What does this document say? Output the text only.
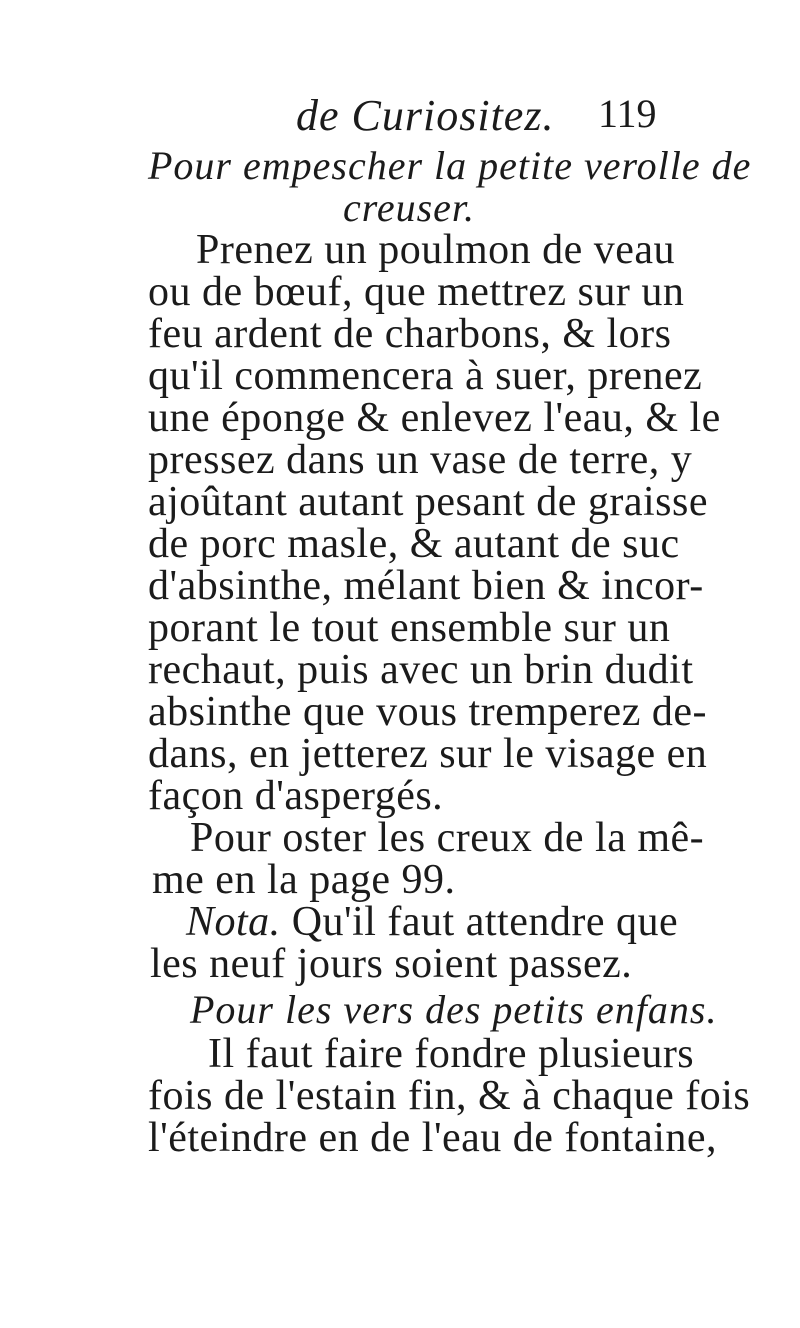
de Curiositez. 119
Pour empescher la petite verolle de
creuser.
Prenez un poulmon de veau
ou de bœuf, que mettrez sur un
feu ardent de charbons, & lors
qu'il commencera à suer, prenez
une éponge & enlevez l'eau, & le
pressez dans un vase de terre, y
ajoûtant autant pesant de graisse
de porc masle, & autant de suc
d'absinthe, mélant bien & incor-
porant le tout ensemble sur un
rechaut, puis avec un brin dudit
absinthe que vous tremperez de-
dans, en jetterez sur le visage en
façon d'aspergés.
Pour oster les creux de la mê-
me en la page 99.
Nota. Qu'il faut attendre que
les neuf jours soient passez.
Pour les vers des petits enfans.
Il faut faire fondre plusieurs
fois de l'estain fin, & à chaque fois
l'éteindre en de l'eau de fontaine,
